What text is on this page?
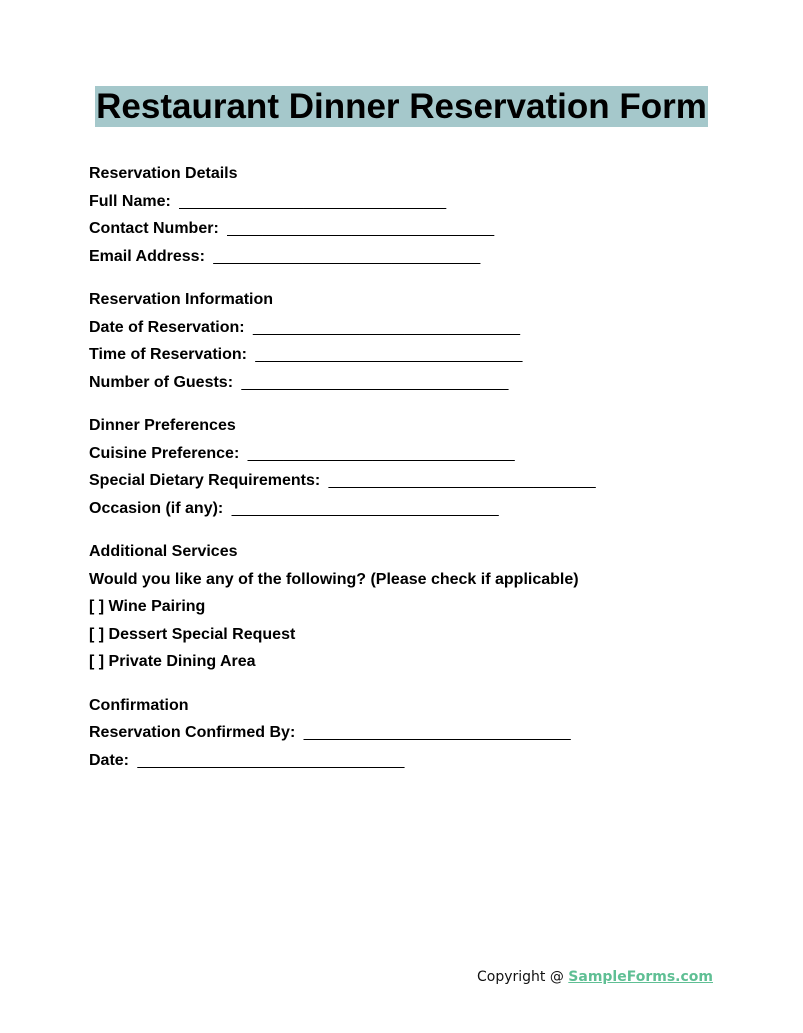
Restaurant Dinner Reservation Form
Reservation Details
Full Name: ______________________________
Contact Number: ______________________________
Email Address: ______________________________
Reservation Information
Date of Reservation: ______________________________
Time of Reservation: ______________________________
Number of Guests: ______________________________
Dinner Preferences
Cuisine Preference: ______________________________
Special Dietary Requirements: ______________________________
Occasion (if any): ______________________________
Additional Services
Would you like any of the following? (Please check if applicable)
[ ] Wine Pairing
[ ] Dessert Special Request
[ ] Private Dining Area
Confirmation
Reservation Confirmed By: ______________________________
Date: ______________________________
Copyright @ SampleForms.com
